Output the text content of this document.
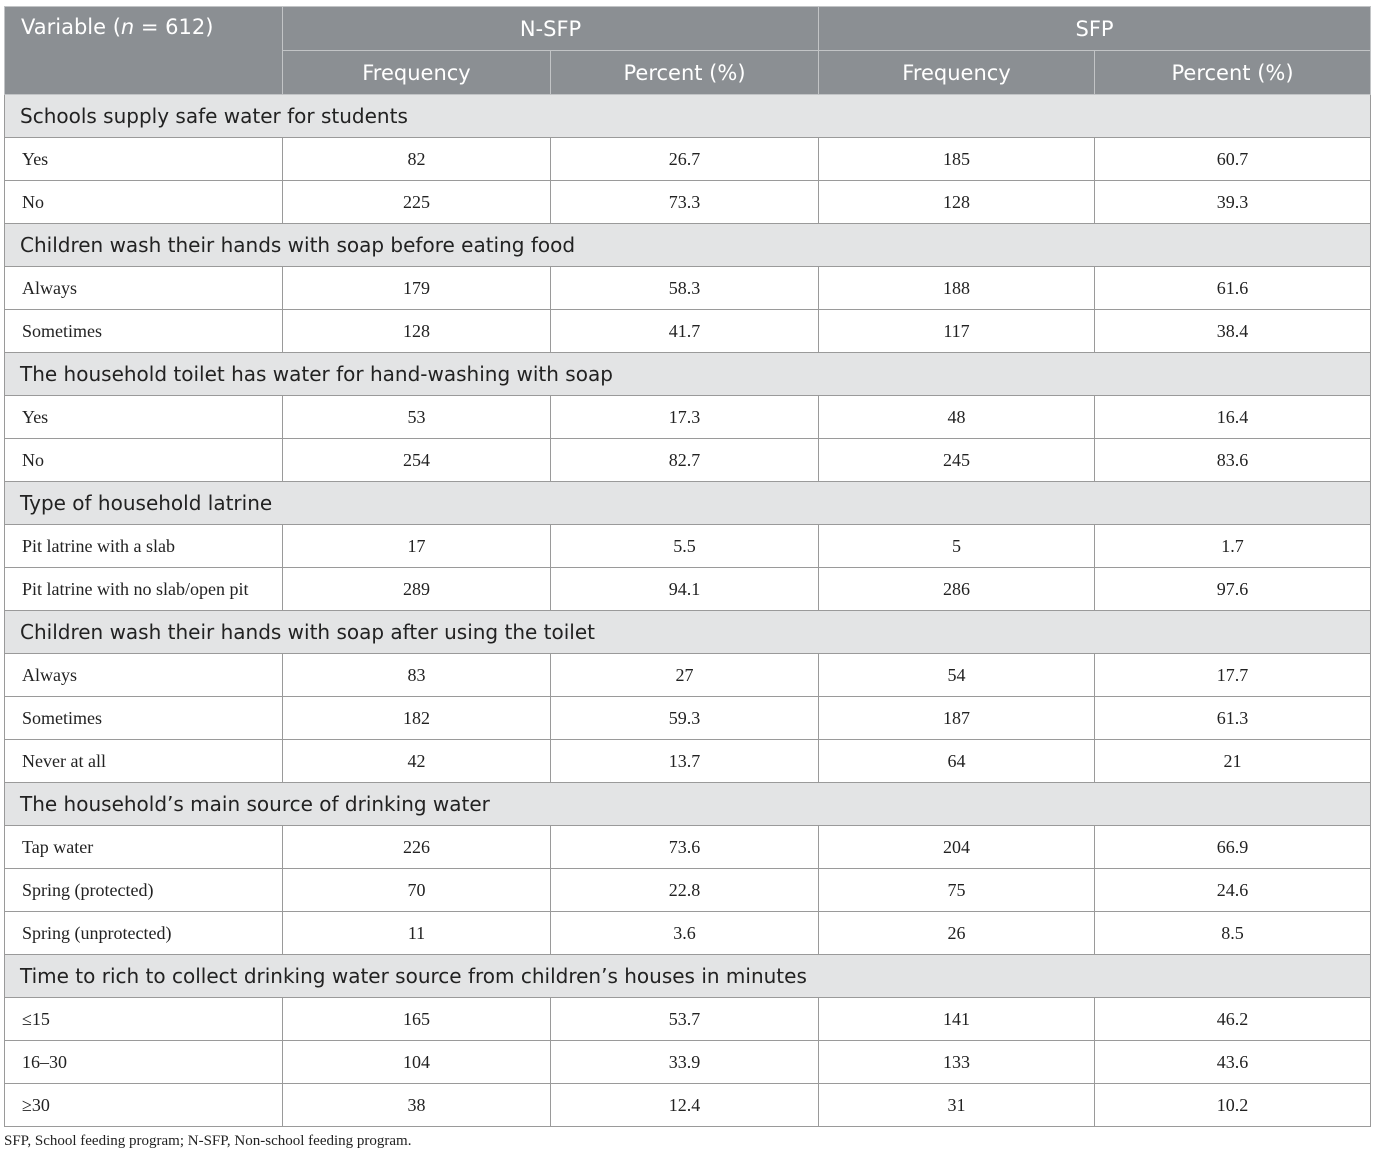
Variable (n = 612)	N-SFP		SFP	
	Frequency	Percent (%)	Frequency	Percent (%)
Schools supply safe water for students				
Yes	82	26.7	185	60.7
No	225	73.3	128	39.3
Children wash their hands with soap before eating food				
Always	179	58.3	188	61.6
Sometimes	128	41.7	117	38.4
The household toilet has water for hand-washing with soap				
Yes	53	17.3	48	16.4
No	254	82.7	245	83.6
Type of household latrine				
Pit latrine with a slab	17	5.5	5	1.7
Pit latrine with no slab/open pit	289	94.1	286	97.6
Children wash their hands with soap after using the toilet				
Always	83	27	54	17.7
Sometimes	182	59.3	187	61.3
Never at all	42	13.7	64	21
The household’s main source of drinking water				
Tap water	226	73.6	204	66.9
Spring (protected)	70	22.8	75	24.6
Spring (unprotected)	11	3.6	26	8.5
Time to rich to collect drinking water source from children’s houses in minutes				
≤15	165	53.7	141	46.2
16–30	104	33.9	133	43.6
≥30	38	12.4	31	10.2
SFP, School feeding program; N-SFP, Non-school feeding program.
